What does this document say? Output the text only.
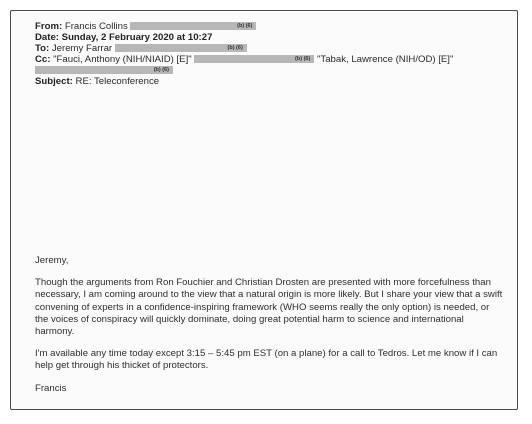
From: Francis Collins	(b) (6)
Date: Sunday, 2 February 2020 at 10:27
To: Jeremy Farrar	(b) (6)
Cc: "Fauci, Anthony (NIH/NIAID) [E]"	(b) (6) "Tabak, Lawrence (NIH/OD) [E]"
(b) (6)
Subject: RE: Teleconference

Jeremy,

Though the arguments from Ron Fouchier and Christian Drosten are presented with more forcefulness than necessary, I am coming around to the view that a natural origin is more likely. But I share your view that a swift convening of experts in a confidence-inspiring framework (WHO seems really the only option) is needed, or the voices of conspiracy will quickly dominate, doing great potential harm to science and international harmony.

I'm available any time today except 3:15 – 5:45 pm EST (on a plane) for a call to Tedros. Let me know if I can help get through his thicket of protectors.

Francis
